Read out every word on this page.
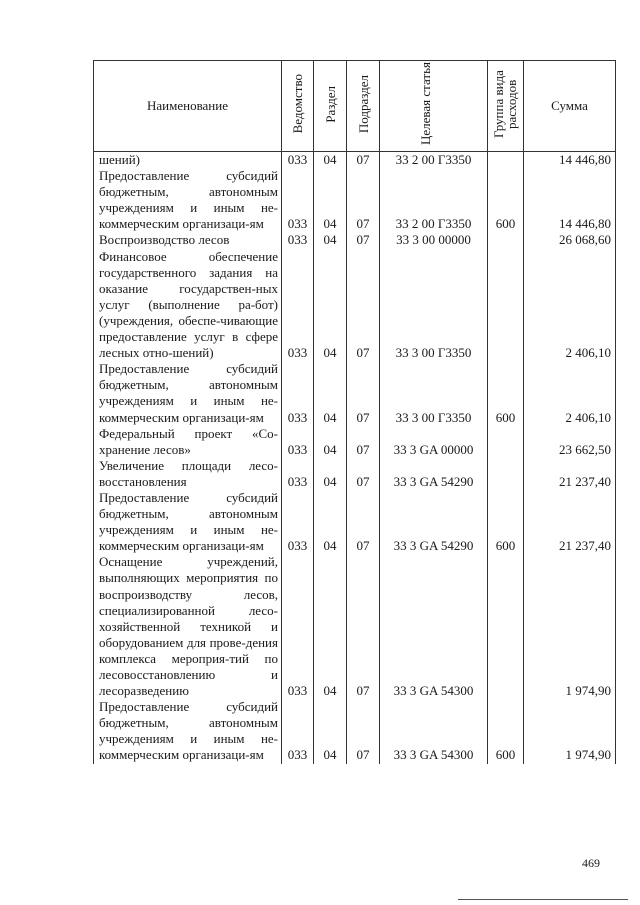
Наименование	Ведомство	Раздел	Подраздел	Целевая статья	Группа вида расходов	Сумма
шений)	033	04	07	33 2 00 Г3350		14 446,80
Предоставление субсидий бюджетным, автономным учреждениям и иным не-коммерческим организаци-ям	033	04	07	33 2 00 Г3350	600	14 446,80
Воспроизводство лесов	033	04	07	33 3 00 00000		26 068,60
Финансовое обеспечение государственного задания на оказание государствен-ных услуг (выполнение ра-бот) (учреждения, обеспе-чивающие предоставление услуг в сфере лесных отно-шений)	033	04	07	33 3 00 Г3350		2 406,10
Предоставление субсидий бюджетным, автономным учреждениям и иным не-коммерческим организаци-ям	033	04	07	33 3 00 Г3350	600	2 406,10
Федеральный проект «Со-хранение лесов»	033	04	07	33 3 GA 00000		23 662,50
Увеличение площади лесо-восстановления	033	04	07	33 3 GA 54290		21 237,40
Предоставление субсидий бюджетным, автономным учреждениям и иным не-коммерческим организаци-ям	033	04	07	33 3 GA 54290	600	21 237,40
Оснащение учреждений, выполняющих мероприятия по воспроизводству лесов, специализированной лесо-хозяйственной техникой и оборудованием для прове-дения комплекса мероприя-тий по лесовосстановлению и лесоразведению	033	04	07	33 3 GA 54300		1 974,90
Предоставление субсидий бюджетным, автономным учреждениям и иным не-коммерческим организаци-ям	033	04	07	33 3 GA 54300	600	1 974,90
469
